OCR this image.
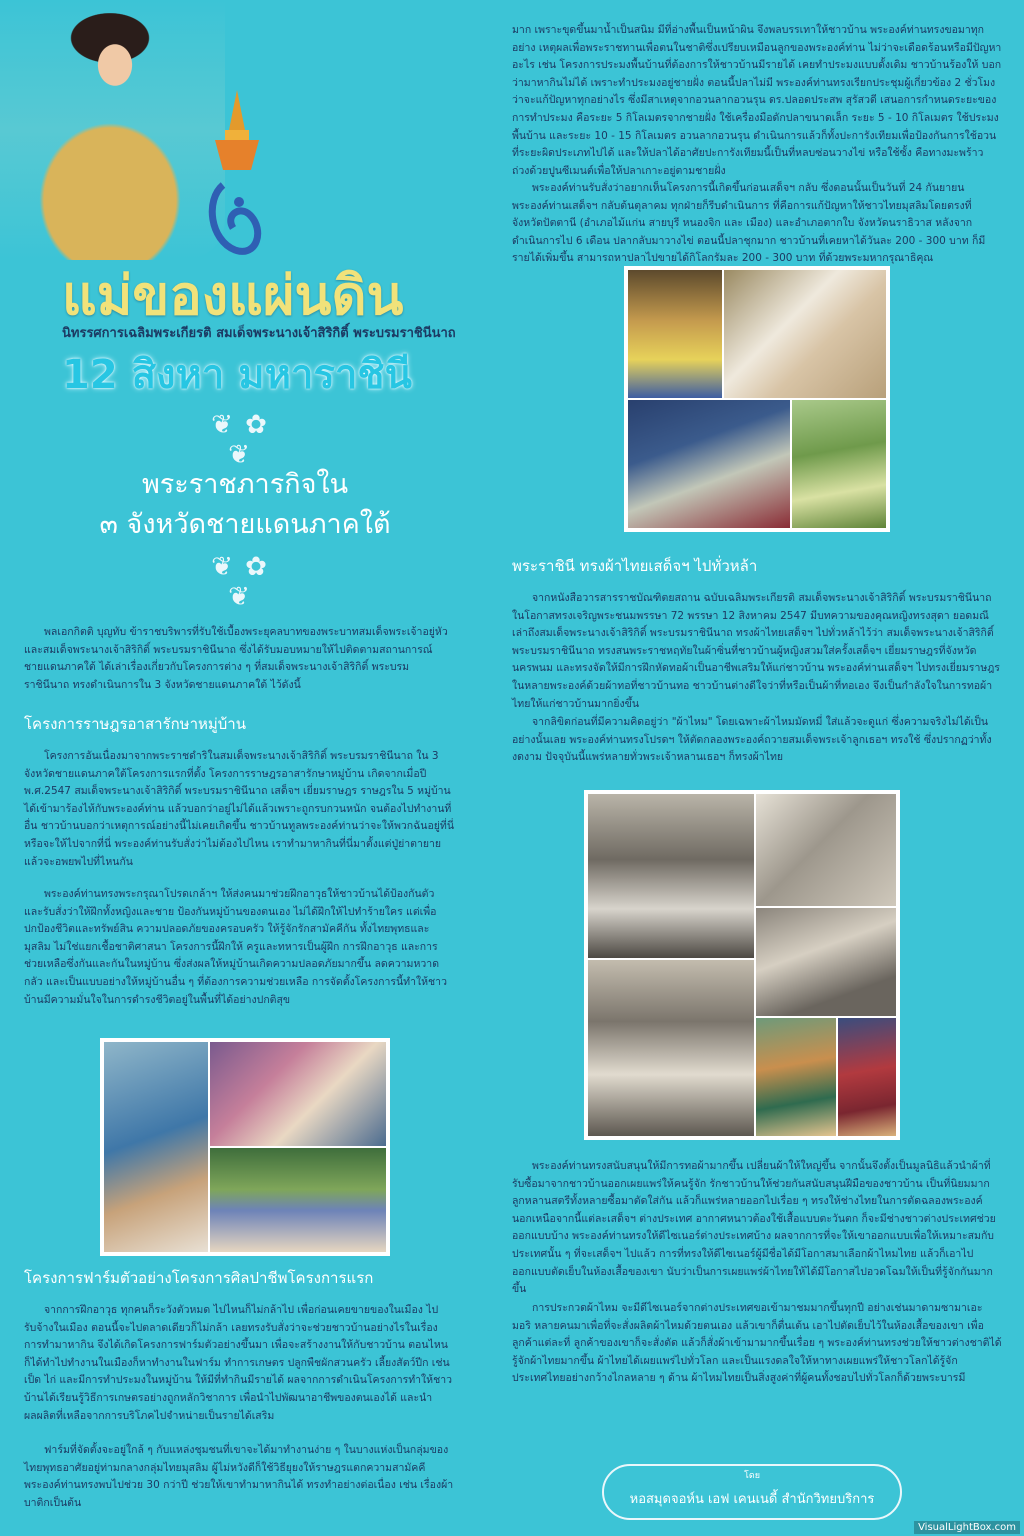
แม่ของแผ่นดิน
นิทรรศการเฉลิมพระเกียรติ สมเด็จพระนางเจ้าสิริกิติ์ พระบรมราชินีนาถ
12 สิงหา มหาราชินี
❦ ✿ ❦
พระราชภารกิจใน
๓ จังหวัดชายแดนภาคใต้
❦ ✿ ❦

พลเอกกิตติ บุญทับ ข้าราชบริพารที่รับใช้เบื้องพระยุคลบาทของพระบาทสมเด็จพระเจ้าอยู่หัว และสมเด็จพระนางเจ้าสิริกิติ์ พระบรมราชินีนาถ ซึ่งได้รับมอบหมายให้ไปติดตามสถานการณ์ชายแดนภาคใต้ ได้เล่าเรื่องเกี่ยวกับโครงการต่าง ๆ ที่สมเด็จพระนางเจ้าสิริกิติ์ พระบรมราชินีนาถ ทรงดำเนินการใน 3 จังหวัดชายแดนภาคใต้ ไว้ดังนี้

โครงการราษฎรอาสารักษาหมู่บ้าน

โครงการอันเนื่องมาจากพระราชดำริในสมเด็จพระนางเจ้าสิริกิติ์ พระบรมราชินีนาถ ใน 3 จังหวัดชายแดนภาคใต้โครงการแรกที่ตั้ง โครงการราษฎรอาสารักษาหมู่บ้าน เกิดจากเมื่อปี พ.ศ.2547 สมเด็จพระนางเจ้าสิริกิติ์ พระบรมราชินีนาถ เสด็จฯ เยี่ยมราษฎร ราษฎรใน 5 หมู่บ้านได้เข้ามาร้องไห้กับพระองค์ท่าน แล้วบอกว่าอยู่ไม่ได้แล้วเพราะถูกรบกวนหนัก จนต้องไปทำงานที่อื่น ชาวบ้านบอกว่าเหตุการณ์อย่างนี้ไม่เคยเกิดขึ้น ชาวบ้านทูลพระองค์ท่านว่าจะให้พวกฉันอยู่ที่นี่หรือจะให้ไปจากที่นี่ พระองค์ท่านรับสั่งว่าไม่ต้องไปไหน เราทำมาหากินที่นี่มาตั้งแต่ปู่ย่าตายายแล้วจะอพยพไปที่ไหนกัน

พระองค์ท่านทรงพระกรุณาโปรดเกล้าฯ ให้ส่งคนมาช่วยฝึกอาวุธให้ชาวบ้านได้ป้องกันตัว และรับสั่งว่าให้ฝึกทั้งหญิงและชาย ป้องกันหมู่บ้านของตนเอง ไม่ได้ฝึกให้ไปทำร้ายใคร แต่เพื่อปกป้องชีวิตและทรัพย์สิน ความปลอดภัยของครอบครัว ให้รู้จักรักสามัคคีกัน ทั้งไทยพุทธและมุสลิม ไม่ใช่แยกเชื้อชาติศาสนา โครงการนี้ฝึกให้ ครูและทหารเป็นผู้ฝึก การฝึกอาวุธ และการช่วยเหลือซึ่งกันและกันในหมู่บ้าน ซึ่งส่งผลให้หมู่บ้านเกิดความปลอดภัยมากขึ้น ลดความหวาดกลัว และเป็นแบบอย่างให้หมู่บ้านอื่น ๆ ที่ต้องการความช่วยเหลือ การจัดตั้งโครงการนี้ทำให้ชาวบ้านมีความมั่นใจในการดำรงชีวิตอยู่ในพื้นที่ได้อย่างปกติสุข

โครงการฟาร์มตัวอย่างโครงการศิลปาชีพโครงการแรก

จากการฝึกอาวุธ ทุกคนก็ระวังตัวหมด ไปไหนก็ไม่กล้าไป เพื่อก่อนเคยขายของในเมือง ไปรับจ้างในเมือง ตอนนี้จะไปตลาดเดียวก็ไม่กล้า เลยทรงรับสั่งว่าจะช่วยชาวบ้านอย่างไรในเรื่องการทำมาหากิน จึงได้เกิดโครงการฟาร์มตัวอย่างขึ้นมา เพื่อจะสร้างงานให้กับชาวบ้าน ตอนไหนก็ได้ทำไปทำงานในเมืองก็หาทำงานในฟาร์ม ทำการเกษตร ปลูกพืชผักสวนครัว เลี้ยงสัตว์ปีก เช่น เป็ด ไก่ และมีการทำประมงในหมู่บ้าน ให้มีที่ทำกินมีรายได้ ผลจากการดำเนินโครงการทำให้ชาวบ้านได้เรียนรู้วิธีการเกษตรอย่างถูกหลักวิชาการ เพื่อนำไปพัฒนาอาชีพของตนเองได้ และนำผลผลิตที่เหลือจากการบริโภคไปจำหน่ายเป็นรายได้เสริม

ฟาร์มที่จัดตั้งจะอยู่ใกล้ ๆ กับแหล่งชุมชนที่เขาจะได้มาทำงานง่าย ๆ ในบางแห่งเป็นกลุ่มของไทยพุทธอาศัยอยู่ท่ามกลางกลุ่มไทยมุสลิม ผู้ไม่หวังดีก็ใช้วิธียุยงให้ราษฎรแตกความสามัคคี พระองค์ท่านทรงพบไปช่วย 30 กว่าปี ช่วยให้เขาทำมาหากินได้ ทรงทำอย่างต่อเนื่อง เช่น เรื่องผ้า บาติกเป็นต้น

มาก เพราะขุดขึ้นมาน้ำเป็นสนิม มีที่อ่างพื้นเป็นหน้าผิน จึงพลบรรเทาให้ชาวบ้าน พระองค์ท่านทรงขอมาทุกอย่าง เหตุผลเพื่อพระราชทานเพื่อตนในชาติซึ่งเปรียบเหมือนลูกของพระองค์ท่าน ไม่ว่าจะเดือดร้อนหรือมีปัญหาอะไร เช่น โครงการประมงพื้นบ้านที่ต้องการให้ชาวบ้านมีรายได้ เคยทำประมงแบบดั้งเดิม ชาวบ้านร้องให้ บอกว่ามาหากินไม่ได้ เพราะทำประมงอยู่ชายฝั่ง ตอนนี้ปลาไม่มี พระองค์ท่านทรงเรียกประชุมผู้เกี่ยวข้อง 2 ชั่วโมงว่าจะแก้ปัญหาทุกอย่างไร ซึ่งมีสาเหตุจากอวนลากอวนรุน ดร.ปลอดประสพ สุรัสวดี เสนอการกำหนดระยะของการทำประมง คือระยะ 5 กิโลเมตรจากชายฝั่ง ใช้เครื่องมือดักปลาขนาดเล็ก ระยะ 5 - 10 กิโลเมตร ใช้ประมงพื้นบ้าน และระยะ 10 - 15 กิโลเมตร อวนลากอวนรุน ดำเนินการแล้วก็ทั้งปะการังเทียมเพื่อป้องกันการใช้อวนที่ระยะผิดประเภทไปได้ และให้ปลาได้อาศัยปะการังเทียมนี้เป็นที่หลบซ่อนวางไข่ หรือใช้ซั้ง คือทางมะพร้าว ถ่วงด้วยปูนซีเมนต์เพื่อให้ปลาเกาะอยู่ตามชายฝั่ง

พระองค์ท่านรับสั่งว่าอยากเห็นโครงการนี้เกิดขึ้นก่อนเสด็จฯ กลับ ซึ่งตอนนั้นเป็นวันที่ 24 กันยายน พระองค์ท่านเสด็จฯ กลับต้นตุลาคม ทุกฝ่ายก็รีบดำเนินการ ที่คือการแก้ปัญหาให้ชาวไทยมุสลิมโดยตรงที่จังหวัดปัตตานี (อำเภอไม้แก่น สายบุรี หนองจิก และ เมือง) และอำเภอตากใบ จังหวัดนราธิวาส หลังจากดำเนินการไป 6 เดือน ปลากลับมาวางไข่ ตอนนี้ปลาชุกมาก ชาวบ้านที่เคยหาได้วันละ 200 - 300 บาท ก็มีรายได้เพิ่มขึ้น สามารถหาปลาไปขายได้กิโลกรัมละ 200 - 300 บาท ที่ด้วยพระมหากรุณาธิคุณ

พระราชินี ทรงผ้าไทยเสด็จฯ ไปทั่วหล้า

จากหนังสือวารสารราชบัณฑิตยสถาน ฉบับเฉลิมพระเกียรติ สมเด็จพระนางเจ้าสิริกิติ์ พระบรมราชินีนาถ ในโอกาสทรงเจริญพระชนมพรรษา 72 พรรษา 12 สิงหาคม 2547 มีบทความของคุณหญิงทรงสุดา ยอดมณี เล่าถึงสมเด็จพระนางเจ้าสิริกิติ์ พระบรมราชินีนาถ ทรงผ้าไทยเสด็จฯ ไปทั่วหล้าไว้ว่า สมเด็จพระนางเจ้าสิริกิติ์ พระบรมราชินีนาถ ทรงสนพระราชหฤทัยในผ้าซิ่นที่ชาวบ้านผู้หญิงสวมใส่ครั้งเสด็จฯ เยี่ยมราษฎรที่จังหวัดนครพนม และทรงจัดให้มีการฝึกหัดทอผ้าเป็นอาชีพเสริมให้แก่ชาวบ้าน พระองค์ท่านเสด็จฯ ไปทรงเยี่ยมราษฎรในหลายพระองค์ด้วยผ้าทอที่ชาวบ้านทอ ชาวบ้านต่างดีใจว่าที่หรือเป็นผ้าที่ทอเอง จึงเป็นกำลังใจในการทอผ้าไทยให้แก่ชาวบ้านมากยิ่งขึ้น

จากลิขิตก่อนที่มีความคิดอยู่ว่า "ผ้าไหม" โดยเฉพาะผ้าไหมมัดหมี่ ใส่แล้วจะดูแก่ ซึ่งความจริงไม่ได้เป็นอย่างนั้นเลย พระองค์ท่านทรงโปรดฯ ให้ตัดกลองพระองค์ถวายสมเด็จพระเจ้าลูกเธอฯ ทรงใช้ ซึ่งปรากฏว่าทั้งงดงาม ปัจจุบันนี้แพร่หลายทั่วพระเจ้าหลานเธอฯ ก็ทรงผ้าไทย

พระองค์ท่านทรงสนับสนุนให้มีการทอผ้ามากขึ้น เปลี่ยนผ้าให้ใหญ่ขึ้น จากนั้นจึงตั้งเป็นมูลนิธิแล้วนำผ้าที่รับซื้อมาจากชาวบ้านออกเผยแพร่ให้คนรู้จัก รักชาวบ้านให้ช่วยกันสนับสนุนฝีมือของชาวบ้าน เป็นที่นิยมมาก ลูกหลานสตรีทั้งหลายซื้อมาตัดใส่กัน แล้วก็แพร่หลายออกไปเรื่อย ๆ ทรงให้ช่างไทยในการตัดฉลองพระองค์ นอกเหนือจากนี้แต่ละเสด็จฯ ต่างประเทศ อากาศหนาวต้องใช้เสื้อแบบตะวันตก ก็จะมีช่างชาวต่างประเทศช่วยออกแบบบ้าง พระองค์ท่านทรงให้ดีไซเนอร์ต่างประเทศบ้าง ผลจากการที่จะให้เขาออกแบบเพื่อให้เหมาะสมกับประเทศนั้น ๆ ที่จะเสด็จฯ ไปแล้ว การที่ทรงให้ดีไซเนอร์ผู้มีชื่อได้มีโอกาสมาเลือกผ้าไหมไทย แล้วก็เอาไปออกแบบตัดเย็บในห้องเสื้อของเขา นับว่าเป็นการเผยแพร่ผ้าไทยให้ได้มีโอกาสไปอวดโฉมให้เป็นที่รู้จักกันมากขึ้น

การประกวดผ้าไหม จะมีดีไซเนอร์จากต่างประเทศขอเข้ามาชมมากขึ้นทุกปี อย่างเช่นมาดามซามาเอะ มอริ หลายคนมาเพื่อที่จะสั่งผลิตผ้าไหมด้วยตนเอง แล้วเขาก็ตื่นเต้น เอาไปตัดเย็บไว้ในห้องเสื้อของเขา เพื่อลูกค้าแต่ละที่ ลูกค้าของเขาก็จะสั่งตัด แล้วก็สั่งผ้าเข้ามามากขึ้นเรื่อย ๆ พระองค์ท่านทรงช่วยให้ชาวต่างชาติได้รู้จักผ้าไทยมากขึ้น ผ้าไทยได้เผยแพร่ไปทั่วโลก และเป็นแรงดลใจให้หาทางเผยแพร่ให้ชาวโลกได้รู้จักประเทศไทยอย่างกว้างไกลหลาย ๆ ด้าน ผ้าไหมไทยเป็นสิ่งสูงค่าที่ผู้คนทั้งชอบไปทั่วโลกก็ด้วยพระบารมี

โดย
หอสมุดจอห์น เอฟ เคนเนดี้ สำนักวิทยบริการ
VisualLightBox.com
